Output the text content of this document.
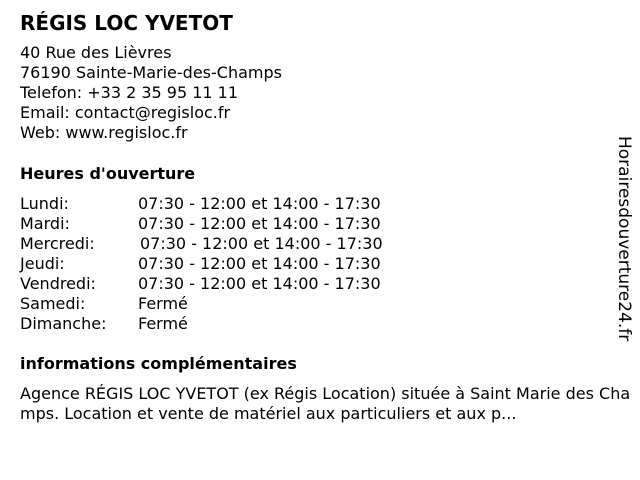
RÉGIS LOC YVETOT
40 Rue des Lièvres
76190 Sainte-Marie-des-Champs
Telefon: +33 2 35 95 11 11
Email: contact@regisloc.fr
Web: www.regisloc.fr
Heures d'ouverture
Lundi:	07:30 - 12:00 et 14:00 - 17:30
Mardi:	07:30 - 12:00 et 14:00 - 17:30
Mercredi:	07:30 - 12:00 et 14:00 - 17:30
Jeudi:	07:30 - 12:00 et 14:00 - 17:30
Vendredi:	07:30 - 12:00 et 14:00 - 17:30
Samedi:	Fermé
Dimanche: Fermé
informations complémentaires

Agence RÉGIS LOC YVETOT (ex Régis Location) située à Saint Marie des Champs. Location et vente de matériel aux particuliers et aux p...

Horairesdouverture24.fr
